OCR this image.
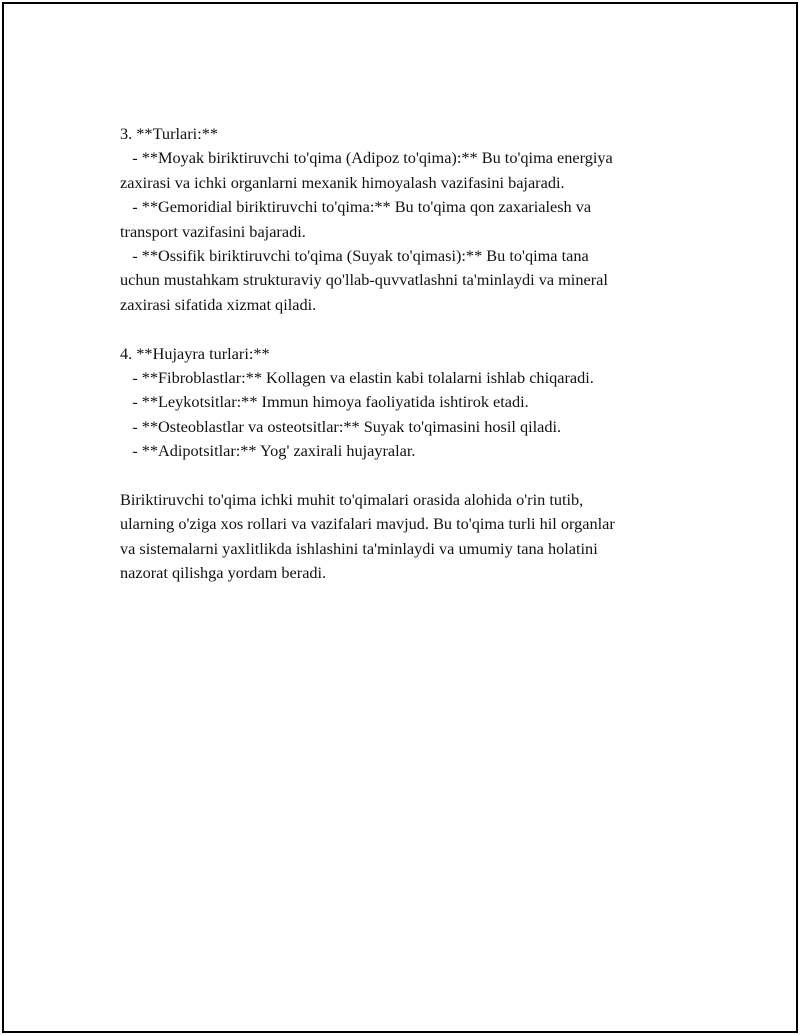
3. **Turlari:**

- **Moyak biriktiruvchi to'qima (Adipoz to'qima):** Bu to'qima energiya

zaxirasi va ichki organlarni mexanik himoyalash vazifasini bajaradi.

- **Gemoridial biriktiruvchi to'qima:** Bu to'qima qon zaxarialesh va

transport vazifasini bajaradi.

- **Ossifik biriktiruvchi to'qima (Suyak to'qimasi):** Bu to'qima tana

uchun mustahkam strukturaviy qo'llab-quvvatlashni ta'minlaydi va mineral

zaxirasi sifatida xizmat qiladi.

4. **Hujayra turlari:**

- **Fibroblastlar:** Kollagen va elastin kabi tolalarni ishlab chiqaradi.

- **Leykotsitlar:** Immun himoya faoliyatida ishtirok etadi.

- **Osteoblastlar va osteotsitlar:** Suyak to'qimasini hosil qiladi.

- **Adipotsitlar:** Yog' zaxirali hujayralar.

Biriktiruvchi to'qima ichki muhit to'qimalari orasida alohida o'rin tutib,

ularning o'ziga xos rollari va vazifalari mavjud. Bu to'qima turli hil organlar

va sistemalarni yaxlitlikda ishlashini ta'minlaydi va umumiy tana holatini

nazorat qilishga yordam beradi.
